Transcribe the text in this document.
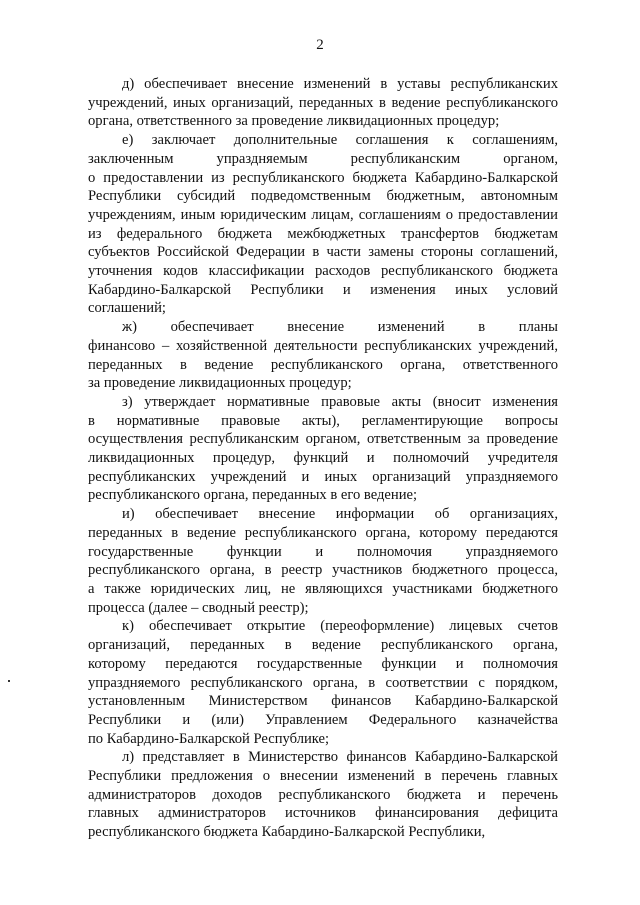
2
д) обеспечивает внесение изменений в уставы республиканских
учреждений, иных организаций, переданных в ведение республиканского
органа, ответственного за проведение ликвидационных процедур;
е) заключает дополнительные соглашения к соглашениям,
заключенным упраздняемым республиканским органом,
о предоставлении из республиканского бюджета Кабардино-Балкарской
Республики субсидий подведомственным бюджетным, автономным
учреждениям, иным юридическим лицам, соглашениям о предоставлении
из федерального бюджета межбюджетных трансфертов бюджетам
субъектов Российской Федерации в части замены стороны соглашений,
уточнения кодов классификации расходов республиканского бюджета
Кабардино-Балкарской Республики и изменения иных условий
соглашений;
ж) обеспечивает внесение изменений в планы
финансово – хозяйственной деятельности республиканских учреждений,
переданных в ведение республиканского органа, ответственного
за проведение ликвидационных процедур;
з) утверждает нормативные правовые акты (вносит изменения
в нормативные правовые акты), регламентирующие вопросы
осуществления республиканским органом, ответственным за проведение
ликвидационных процедур, функций и полномочий учредителя
республиканских учреждений и иных организаций упраздняемого
республиканского органа, переданных в его ведение;
и) обеспечивает внесение информации об организациях,
переданных в ведение республиканского органа, которому передаются
государственные функции и полномочия упраздняемого
республиканского органа, в реестр участников бюджетного процесса,
а также юридических лиц, не являющихся участниками бюджетного
процесса (далее – сводный реестр);
к) обеспечивает открытие (переоформление) лицевых счетов
организаций, переданных в ведение республиканского органа,
которому передаются государственные функции и полномочия
упраздняемого республиканского органа, в соответствии с порядком,
установленным Министерством финансов Кабардино-Балкарской
Республики и (или) Управлением Федерального казначейства
по Кабардино-Балкарской Республике;
л) представляет в Министерство финансов Кабардино-Балкарской
Республики предложения о внесении изменений в перечень главных
администраторов доходов республиканского бюджета и перечень
главных администраторов источников финансирования дефицита
республиканского бюджета Кабардино-Балкарской Республики,
